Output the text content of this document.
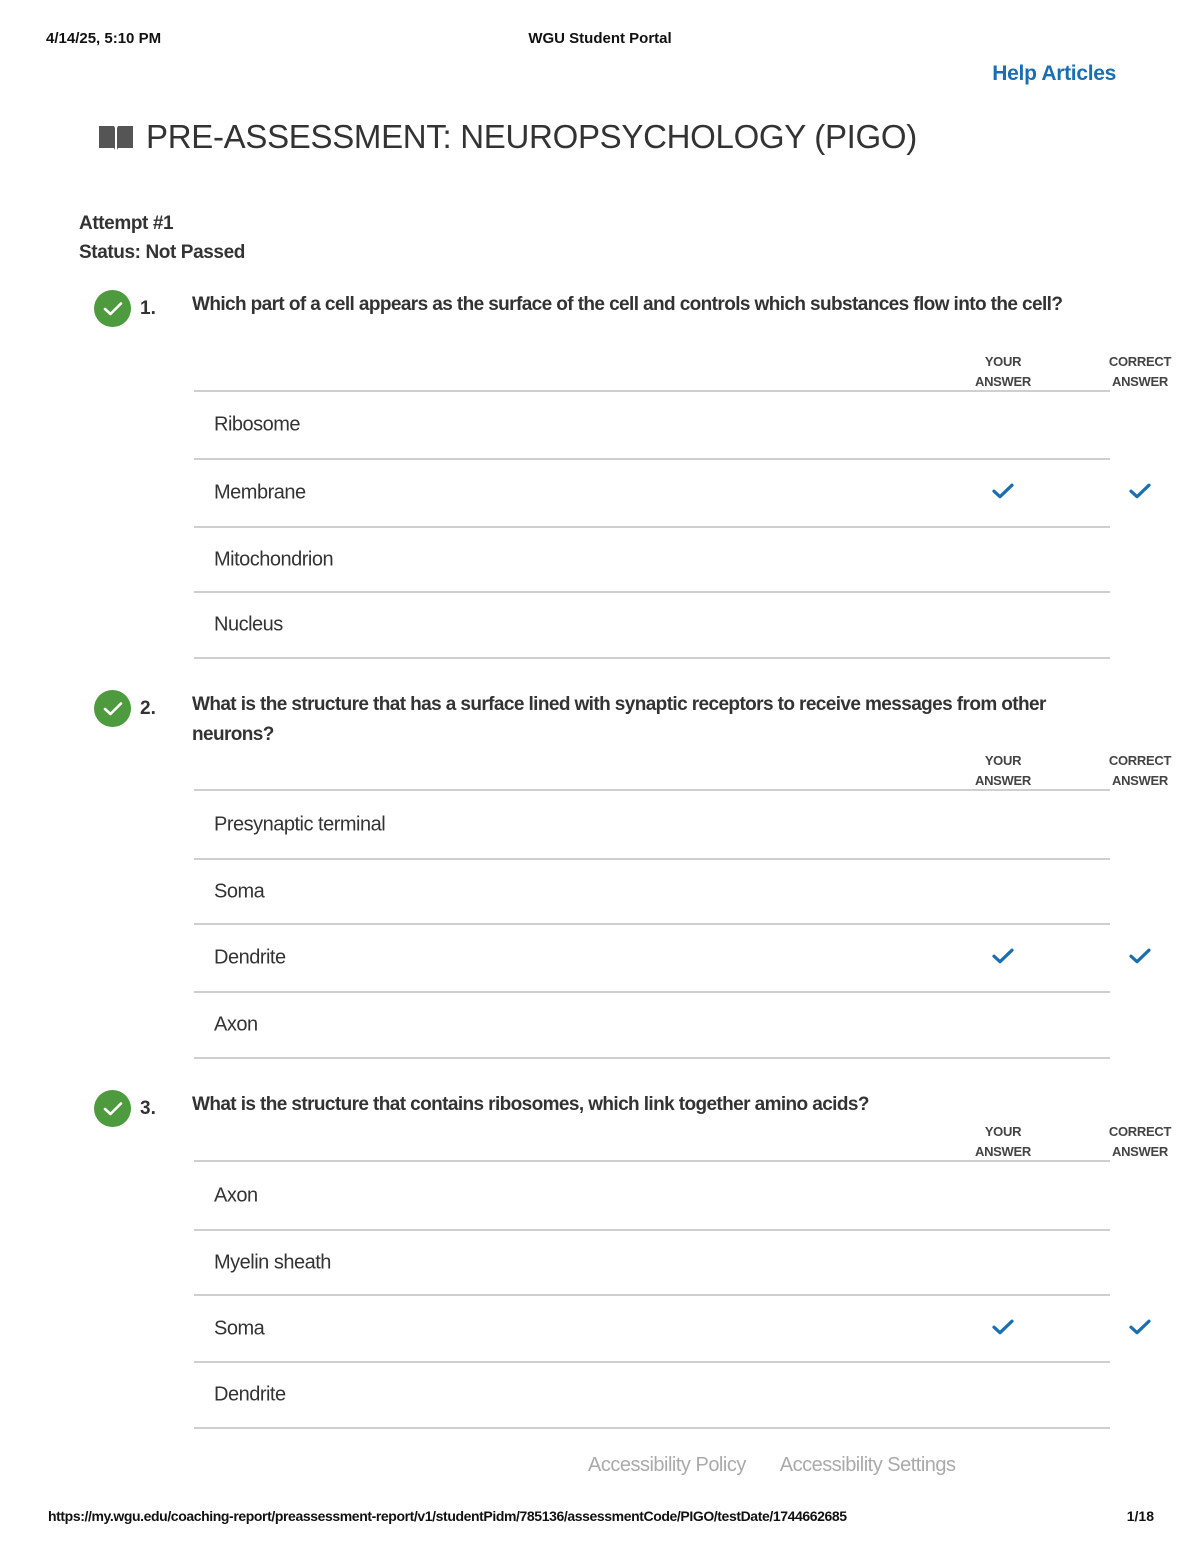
4/14/25, 5:10 PM	WGU Student Portal
Help Articles
PRE-ASSESSMENT: NEUROPSYCHOLOGY (PIGO)
Attempt #1
Status: Not Passed
1. Which part of a cell appears as the surface of the cell and controls which substances flow into the cell?
YOUR
ANSWER
CORRECT
ANSWER
Ribosome
Membrane
Mitochondrion
Nucleus
2. What is the structure that has a surface lined with synaptic receptors to receive messages from other neurons?
YOUR
ANSWER
CORRECT
ANSWER
Presynaptic terminal
Soma
Dendrite
Axon
3. What is the structure that contains ribosomes, which link together amino acids?
YOUR
ANSWER
CORRECT
ANSWER
Axon
Myelin sheath
Soma
Dendrite
Accessibility Policy Accessibility Settings
https://my.wgu.edu/coaching-report/preassessment-report/v1/studentPidm/785136/assessmentCode/PIGO/testDate/1744662685	1/18
